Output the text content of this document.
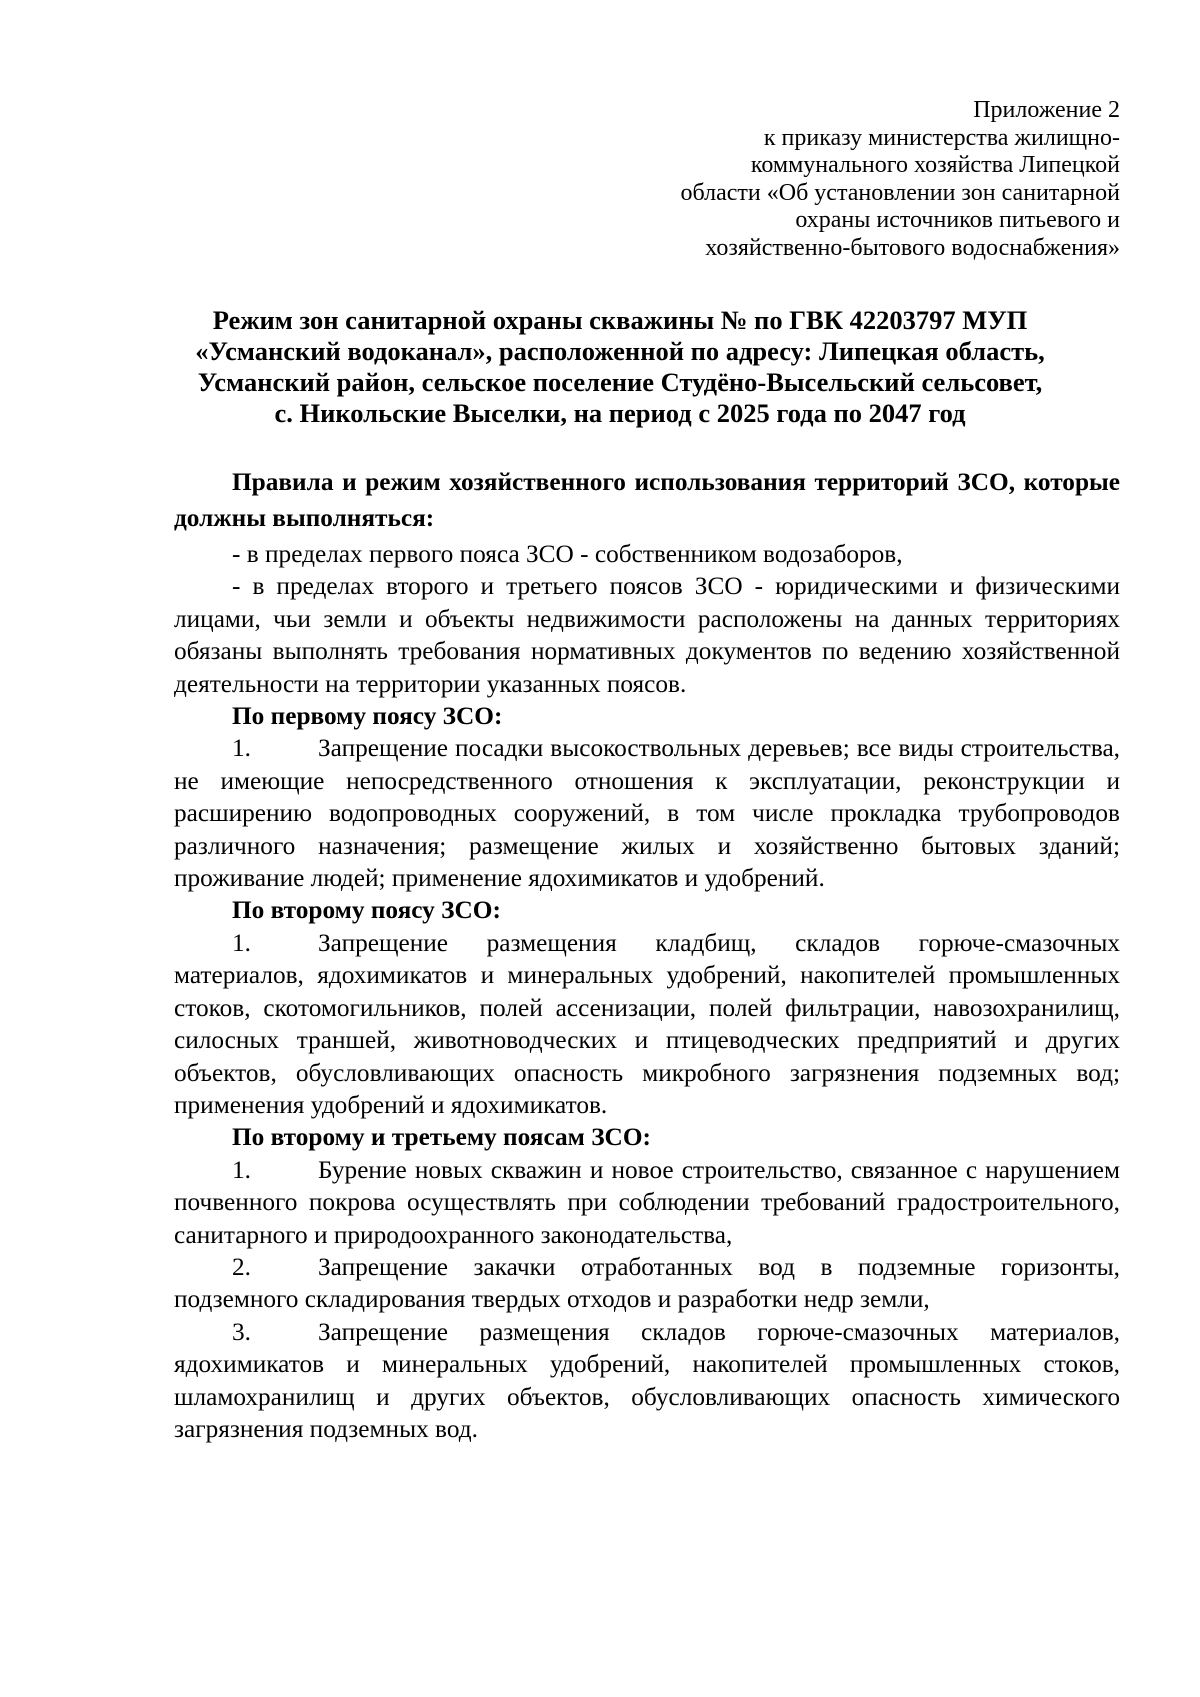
Приложение 2
к приказу министерства жилищно-
коммунального хозяйства Липецкой
области «Об установлении зон санитарной
охраны источников питьевого и
хозяйственно-бытового водоснабжения»
Режим зон санитарной охраны скважины № по ГВК 42203797 МУП
«Усманский водоканал», расположенной по адресу: Липецкая область,
Усманский район, сельское поселение Студёно-Высельский сельсовет,
с. Никольские Выселки, на период с 2025 года по 2047 год

Правила и режим хозяйственного использования территорий ЗСО, которые должны выполняться:

- в пределах первого пояса ЗСО - собственником водозаборов,

- в пределах второго и третьего поясов ЗСО - юридическими и физическими лицами, чьи земли и объекты недвижимости расположены на данных территориях обязаны выполнять требования нормативных документов по ведению хозяйственной деятельности на территории указанных поясов.

По первому поясу ЗСО:

1.	Запрещение посадки высокоствольных деревьев; все виды строительства, не имеющие непосредственного отношения к эксплуатации, реконструкции и расширению водопроводных сооружений, в том числе прокладка трубопроводов различного назначения; размещение жилых и хозяйственно бытовых зданий; проживание людей; применение ядохимикатов и удобрений.

По второму поясу ЗСО:

1.	Запрещение размещения кладбищ, складов горюче-смазочных материалов, ядохимикатов и минеральных удобрений, накопителей промышленных стоков, скотомогильников, полей ассенизации, полей фильтрации, навозохранилищ, силосных траншей, животноводческих и птицеводческих предприятий и других объектов, обусловливающих опасность микробного загрязнения подземных вод; применения удобрений и ядохимикатов.

По второму и третьему поясам ЗСО:

1.	Бурение новых скважин и новое строительство, связанное с нарушением почвенного покрова осуществлять при соблюдении требований градостроительного, санитарного и природоохранного законодательства,

2.	Запрещение закачки отработанных вод в подземные горизонты, подземного складирования твердых отходов и разработки недр земли,

3.	Запрещение размещения складов горюче-смазочных материалов, ядохимикатов и минеральных удобрений, накопителей промышленных стоков, шламохранилищ и других объектов, обусловливающих опасность химического загрязнения подземных вод.
